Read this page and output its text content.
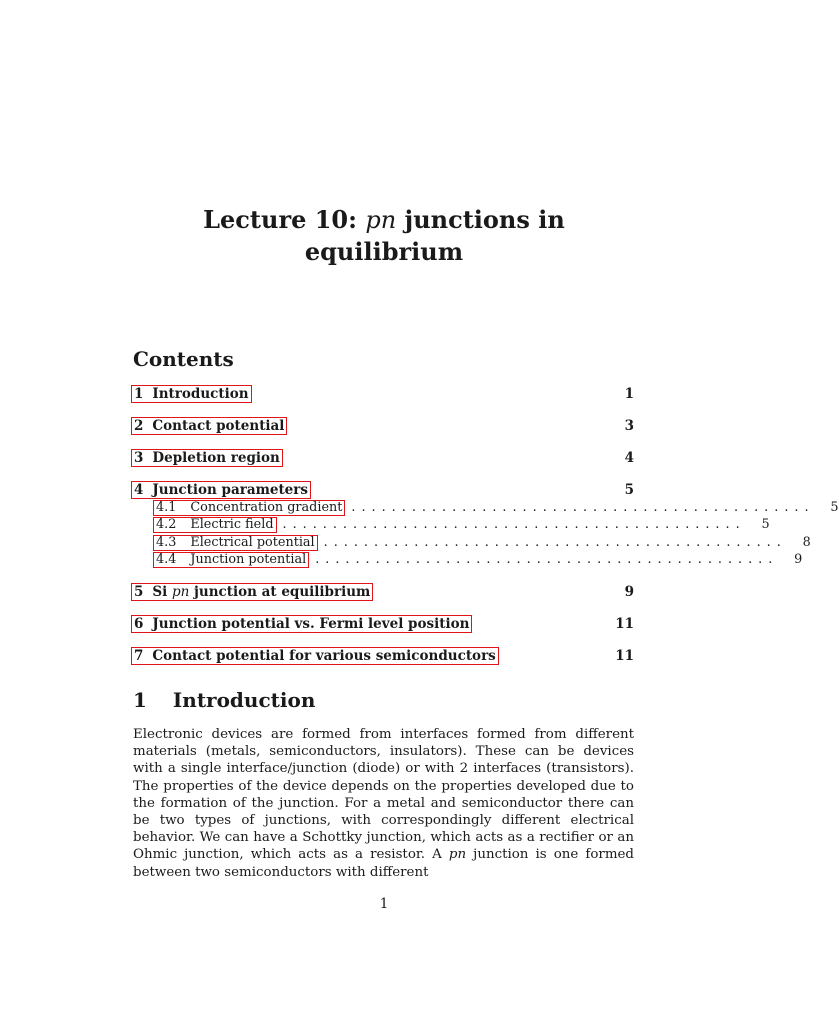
Lecture 10: pn junctions in
equilibrium
Contents
1 Introduction	1
2 Contact potential	3
3 Depletion region	4
4 Junction parameters	5
4.1 Concentration gradient ..............................................	5
4.2 Electric field ..............................................	5
4.3 Electrical potential ..............................................	8
4.4 Junction potential ..............................................	9
5 Si pn junction at equilibrium	9
6 Junction potential vs. Fermi level position	11
7 Contact potential for various semiconductors	11
1 Introduction
Electronic devices are formed from interfaces formed from different materials (metals, semiconductors, insulators). These can be devices with a single interface/junction (diode) or with 2 interfaces (transistors). The properties of the device depends on the properties developed due to the formation of the junction. For a metal and semiconductor there can be two types of junctions, with correspondingly different electrical behavior. We can have a Schottky junction, which acts as a rectifier or an Ohmic junction, which acts as a resistor. A pn junction is one formed between two semiconductors with different
1
